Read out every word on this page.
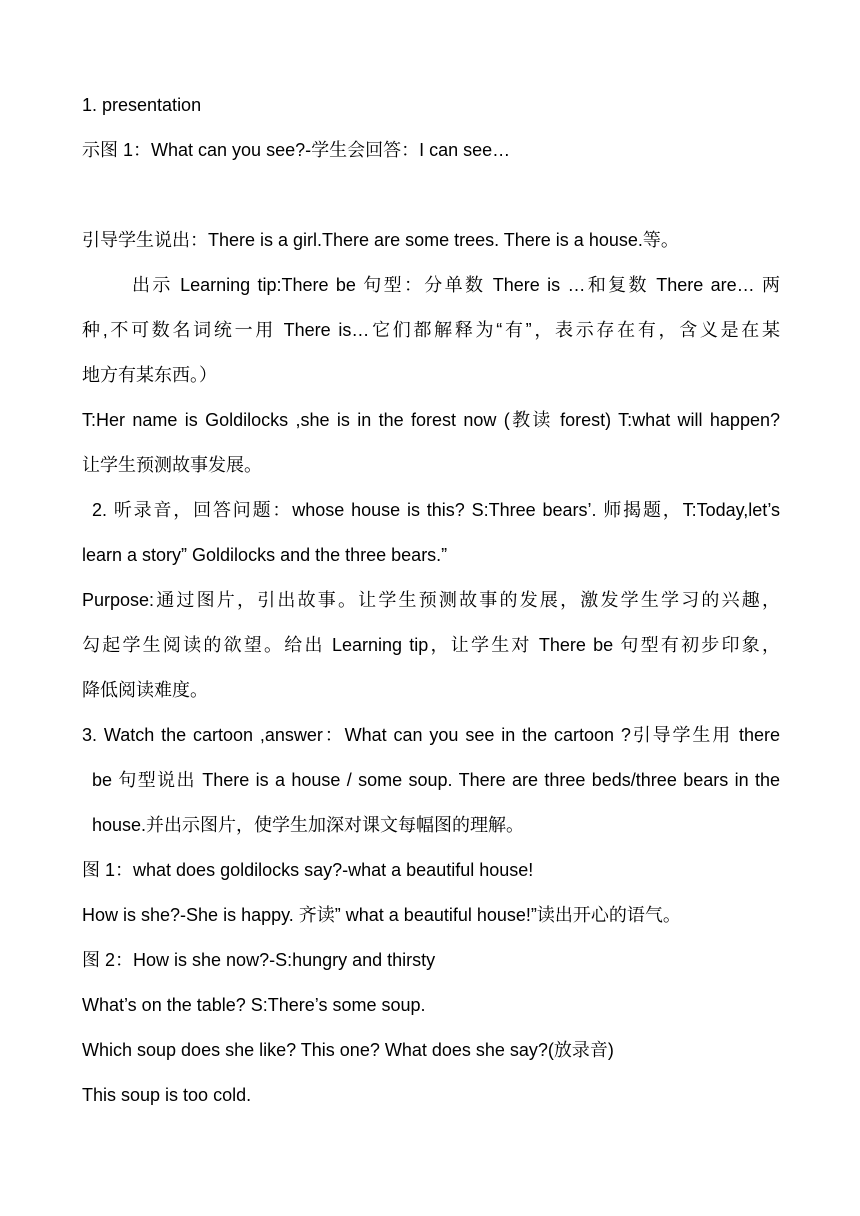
1. presentation
示图 1：What can you see?-学生会回答：I can see…
引导学生说出：There is a girl.There are some trees. There is a house.等。
出示 Learning tip:There be 句型：分单数 There is …和复数 There are… 两
种,不可数名词统一用 There is…它们都解释为“有”，表示存在有，含义是在某
地方有某东西。）
T:Her name is Goldilocks ,she is in the forest now (教读 forest) T:what will happen?
让学生预测故事发展。
2. 听录音，回答问题：whose house is this? S:Three bears’. 师揭题，T:Today,let’s
learn a story” Goldilocks and the three bears.”
Purpose:通过图片，引出故事。让学生预测故事的发展，激发学生学习的兴趣，
勾起学生阅读的欲望。给出 Learning tip，让学生对 There be 句型有初步印象，
降低阅读难度。
3. Watch the cartoon ,answer：What can you see in the cartoon ?引导学生用 there
be 句型说出 There is a house / some soup. There are three beds/three bears in the
house.并出示图片，使学生加深对课文每幅图的理解。
图 1：what does goldilocks say?-what a beautiful house!
How is she?-She is happy. 齐读” what a beautiful house!”读出开心的语气。
图 2：How is she now?-S:hungry and thirsty
What’s on the table? S:There’s some soup.
Which soup does she like? This one? What does she say?(放录音)
This soup is too cold.
